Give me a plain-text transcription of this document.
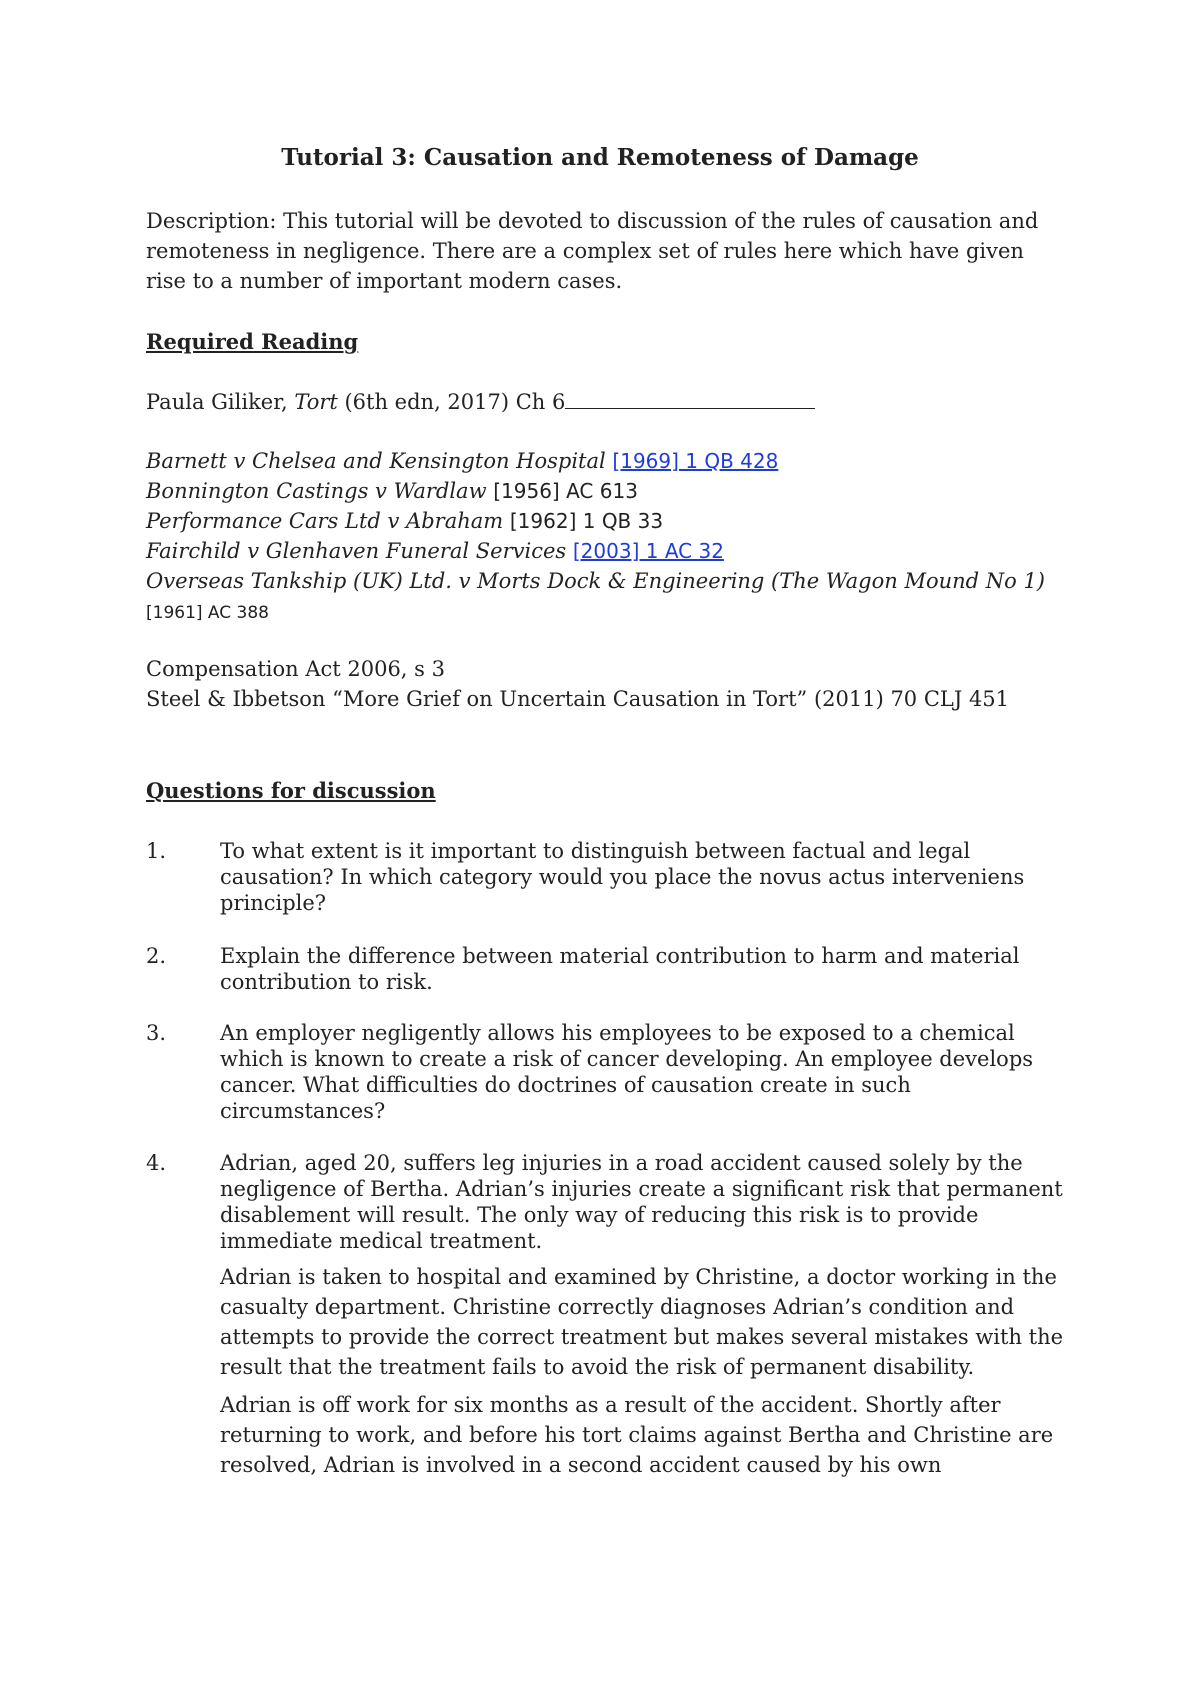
Tutorial 3: Causation and Remoteness of Damage
Description: This tutorial will be devoted to discussion of the rules of causation and remoteness in negligence. There are a complex set of rules here which have given rise to a number of important modern cases.
Required Reading
Paula Giliker, Tort (6th edn, 2017) Ch 6
Barnett v Chelsea and Kensington Hospital [1969] 1 QB 428
Bonnington Castings v Wardlaw [1956] AC 613
Performance Cars Ltd v Abraham [1962] 1 QB 33
Fairchild v Glenhaven Funeral Services [2003] 1 AC 32
Overseas Tankship (UK) Ltd. v Morts Dock & Engineering (The Wagon Mound No 1) [1961] AC 388
Compensation Act 2006, s 3
Steel & Ibbetson “More Grief on Uncertain Causation in Tort” (2011) 70 CLJ 451
Questions for discussion
1.	To what extent is it important to distinguish between factual and legal causation? In which category would you place the novus actus interveniens principle?
2.	Explain the difference between material contribution to harm and material contribution to risk.
3.	An employer negligently allows his employees to be exposed to a chemical which is known to create a risk of cancer developing. An employee develops cancer. What difficulties do doctrines of causation create in such circumstances?
4.	Adrian, aged 20, suffers leg injuries in a road accident caused solely by the negligence of Bertha. Adrian’s injuries create a significant risk that permanent disablement will result. The only way of reducing this risk is to provide immediate medical treatment.
Adrian is taken to hospital and examined by Christine, a doctor working in the casualty department. Christine correctly diagnoses Adrian’s condition and attempts to provide the correct treatment but makes several mistakes with the result that the treatment fails to avoid the risk of permanent disability.
Adrian is off work for six months as a result of the accident. Shortly after returning to work, and before his tort claims against Bertha and Christine are resolved, Adrian is involved in a second accident caused by his own
